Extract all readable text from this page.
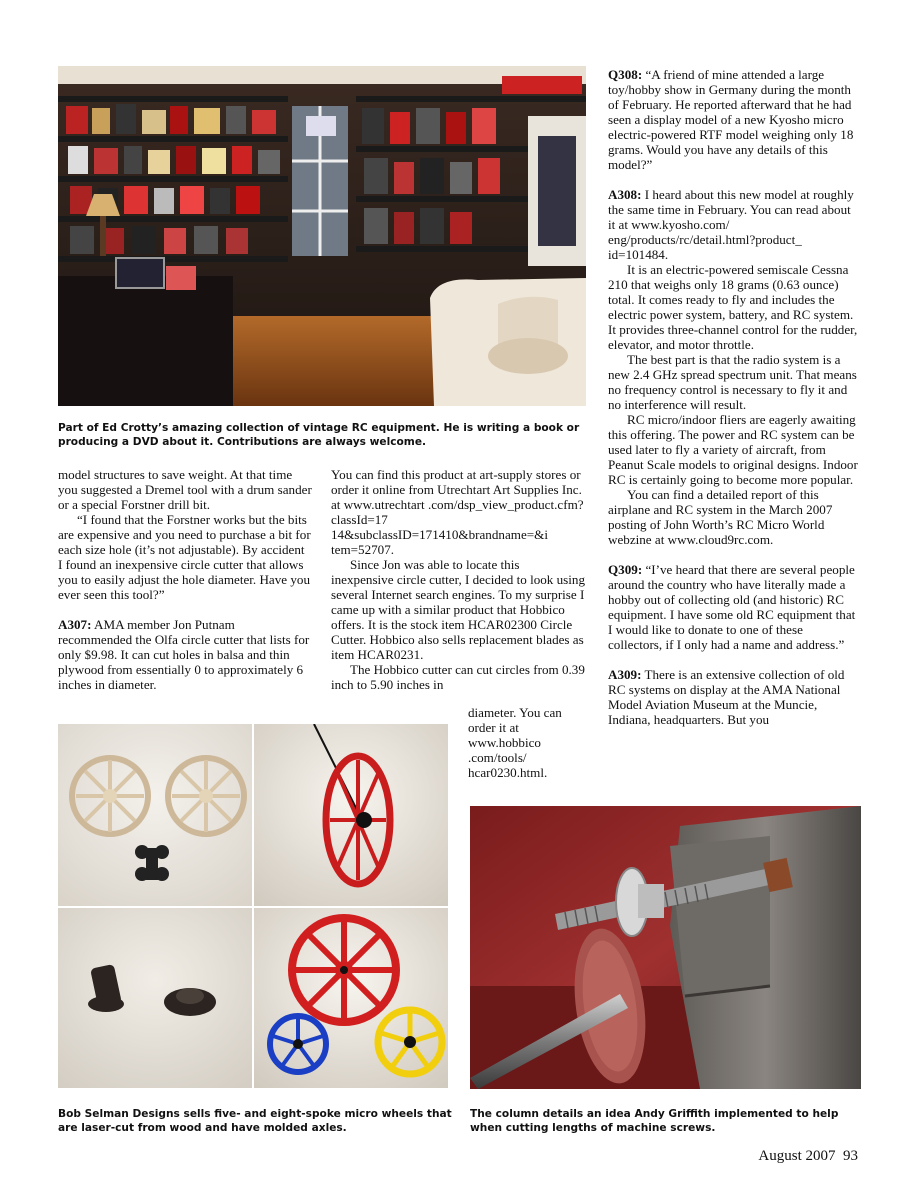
Part of Ed Crotty’s amazing collection of vintage RC equipment. He is writing a book or producing a DVD about it. Contributions are always welcome.

model structures to save weight. At that time you suggested a Dremel tool with a drum sander or a special Forstner drill bit.

“I found that the Forstner works but the bits are expensive and you need to purchase a bit for each size hole (it’s not adjustable). By accident I found an inexpensive circle cutter that allows you to easily adjust the hole diameter. Have you ever seen this tool?”

A307: AMA member Jon Putnam recommended the Olfa circle cutter that lists for only $9.98. It can cut holes in balsa and thin plywood from essentially 0 to approximately 6 inches in diameter.

You can find this product at art-supply stores or order it online from Utrechtart Art Supplies Inc. at www.utrechtart .com/dsp_view_product.cfm?classId=17 14&subclassID=171410&brandname=&i tem=52707.

Since Jon was able to locate this inexpensive circle cutter, I decided to look using several Internet search engines. To my surprise I came up with a similar product that Hobbico offers. It is the stock item HCAR02300 Circle Cutter. Hobbico also sells replacement blades as item HCAR0231.

The Hobbico cutter can cut circles from 0.39 inch to 5.90 inches in

diameter. You can order it at www.hobbico .com/tools/ hcar0230.html.

Q308: “A friend of mine attended a large toy/hobby show in Germany during the month of February. He reported afterward that he had seen a display model of a new Kyosho micro electric-powered RTF model weighing only 18 grams. Would you have any details of this model?”

A308: I heard about this new model at roughly the same time in February. You can read about it at www.kyosho.com/ eng/products/rc/detail.html?product_ id=101484.

It is an electric-powered semiscale Cessna 210 that weighs only 18 grams (0.63 ounce) total. It comes ready to fly and includes the electric power system, battery, and RC system. It provides three-channel control for the rudder, elevator, and motor throttle.

The best part is that the radio system is a new 2.4 GHz spread spectrum unit. That means no frequency control is necessary to fly it and no interference will result.

RC micro/indoor fliers are eagerly awaiting this offering. The power and RC system can be used later to fly a variety of aircraft, from Peanut Scale models to original designs. Indoor RC is certainly going to become more popular.

You can find a detailed report of this airplane and RC system in the March 2007 posting of John Worth’s RC Micro World webzine at www.cloud9rc.com.

Q309: “I’ve heard that there are several people around the country who have literally made a hobby out of collecting old (and historic) RC equipment. I have some old RC equipment that I would like to donate to one of these collectors, if I only had a name and address.”

A309: There is an extensive collection of old RC systems on display at the AMA National Model Aviation Museum at the Muncie, Indiana, headquarters. But you

Bob Selman Designs sells five- and eight-spoke micro wheels that are laser-cut from wood and have molded axles.
The column details an idea Andy Griffith implemented to help when cutting lengths of machine screws.
August 2007 93
